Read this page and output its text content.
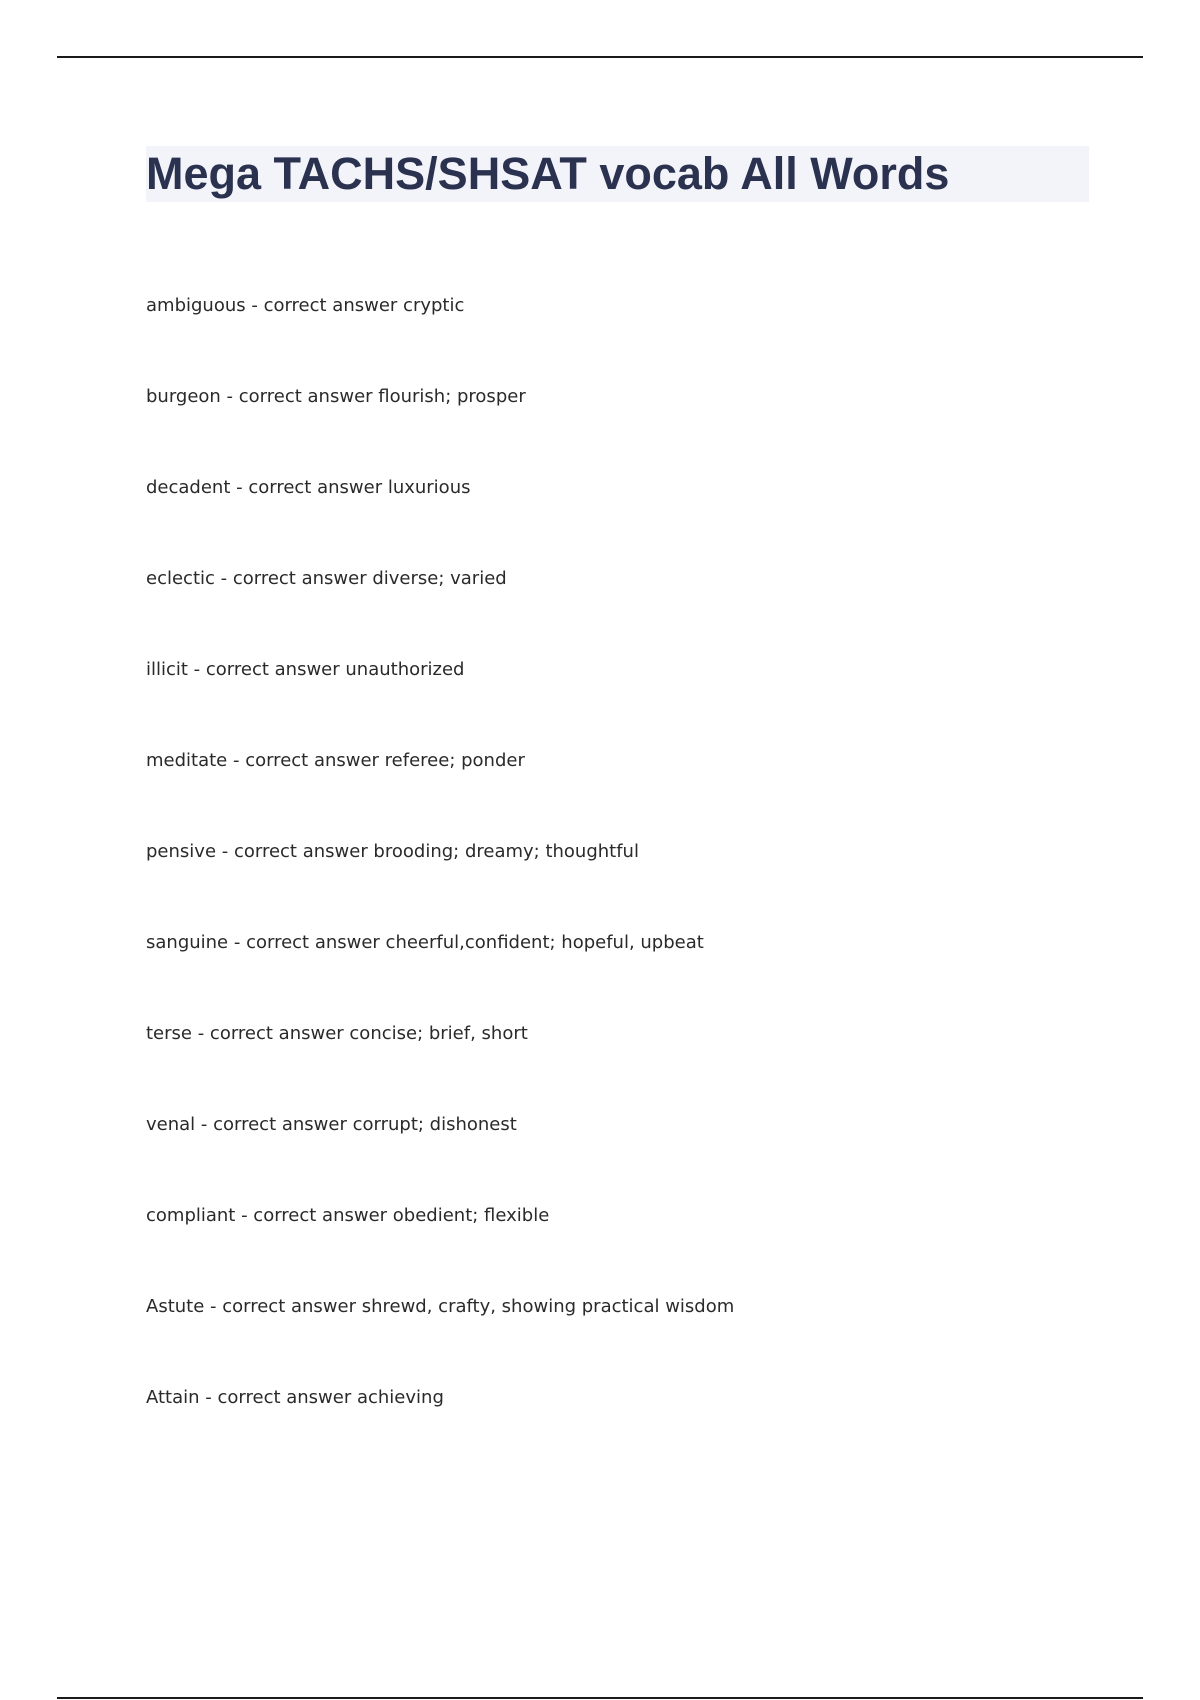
Mega TACHS/SHSAT vocab All Words
ambiguous - correct answer cryptic
burgeon - correct answer flourish; prosper
decadent - correct answer luxurious
eclectic - correct answer diverse; varied
illicit - correct answer unauthorized
meditate - correct answer referee; ponder
pensive - correct answer brooding; dreamy; thoughtful
sanguine - correct answer cheerful,confident; hopeful, upbeat
terse - correct answer concise; brief, short
venal - correct answer corrupt; dishonest
compliant - correct answer obedient; flexible
Astute - correct answer shrewd, crafty, showing practical wisdom
Attain - correct answer achieving
